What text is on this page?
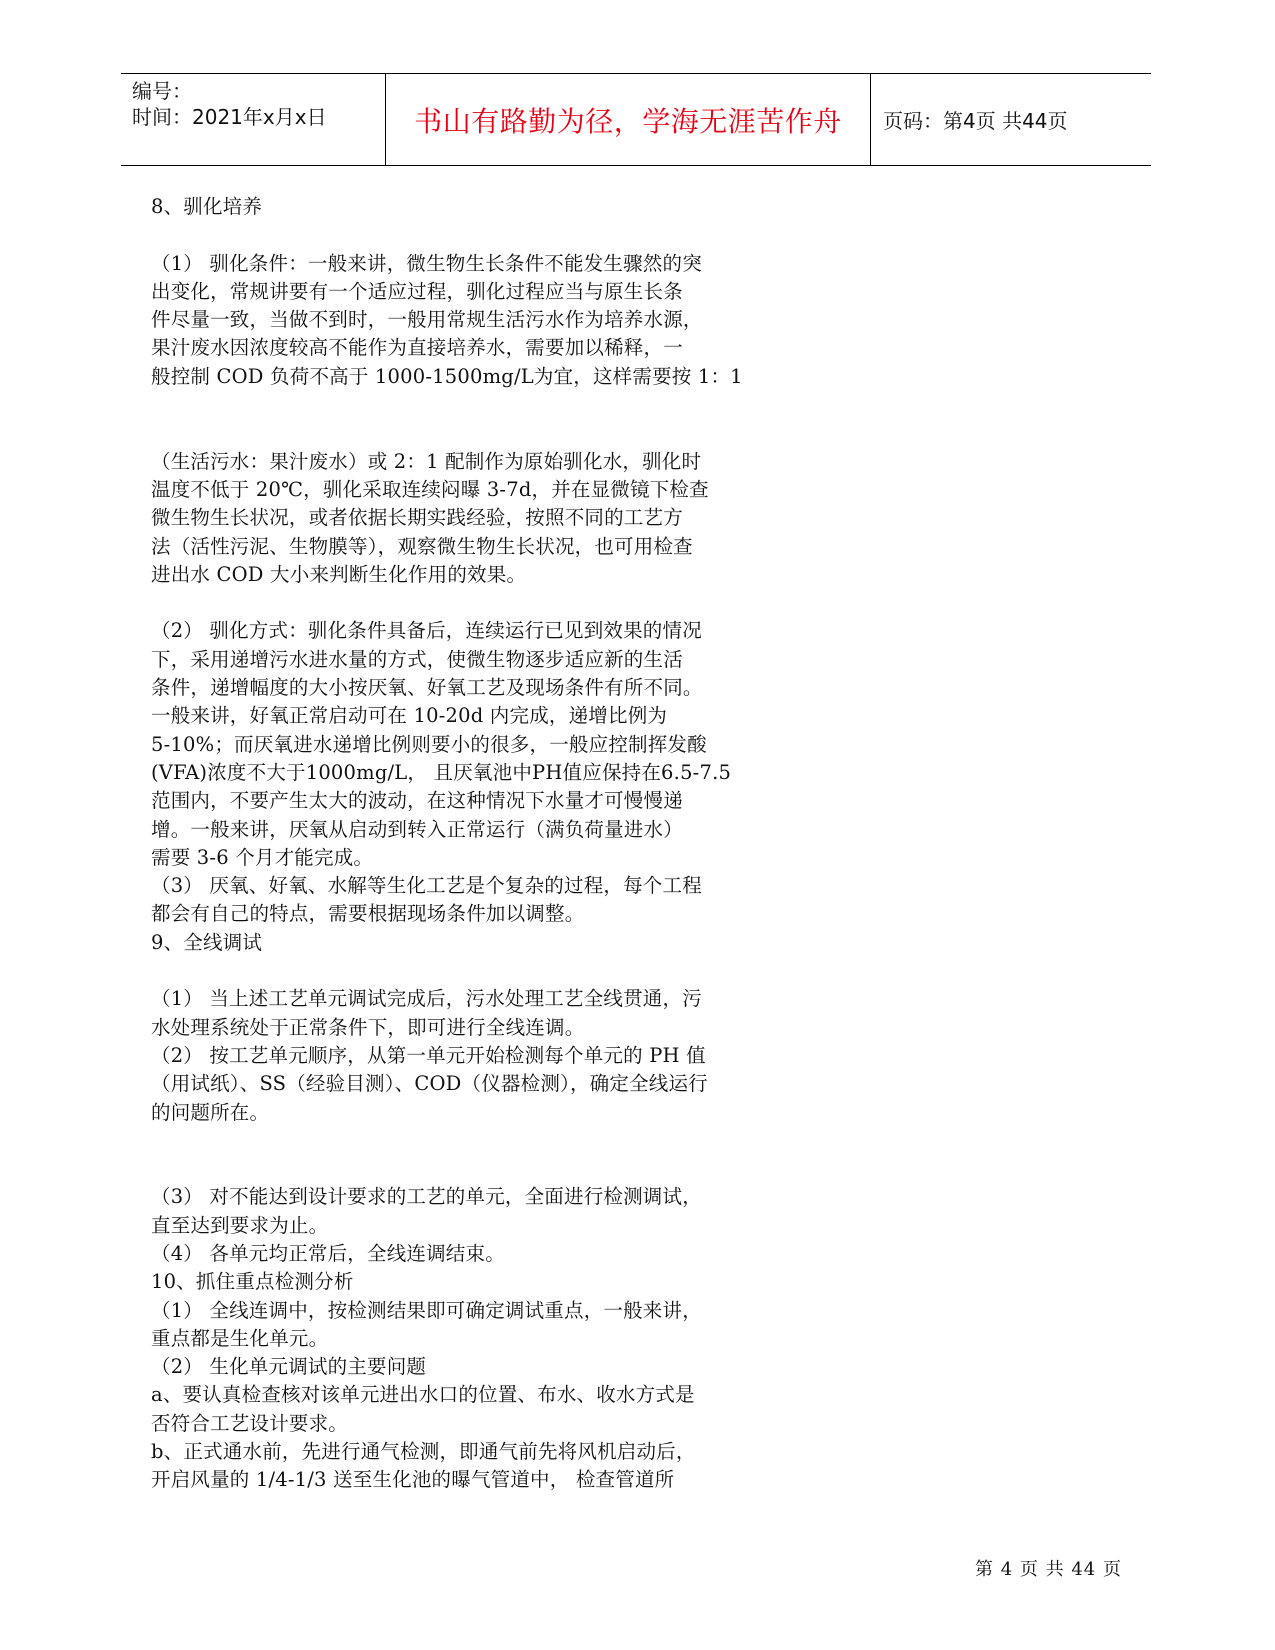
编号：
时间：2021年x月x日	书山有路勤为径，学海无涯苦作舟 页码：第4页 共44页
8、驯化培养
（1） 驯化条件：一般来讲，微生物生长条件不能发生骤然的突
出变化，常规讲要有一个适应过程，驯化过程应当与原生长条
件尽量一致，当做不到时，一般用常规生活污水作为培养水源，
果汁废水因浓度较高不能作为直接培养水，需要加以稀释，一
般控制 COD 负荷不高于 1000-1500mg/L为宜，这样需要按 1：1
（生活污水：果汁废水）或 2：1 配制作为原始驯化水，驯化时
温度不低于 20℃，驯化采取连续闷曝 3-7d，并在显微镜下检查
微生物生长状况，或者依据长期实践经验，按照不同的工艺方
法（活性污泥、生物膜等），观察微生物生长状况，也可用检查
进出水 COD 大小来判断生化作用的效果。
（2） 驯化方式：驯化条件具备后，连续运行已见到效果的情况
下，采用递增污水进水量的方式，使微生物逐步适应新的生活
条件，递增幅度的大小按厌氧、好氧工艺及现场条件有所不同。
一般来讲，好氧正常启动可在 10-20d 内完成，递增比例为
5-10%；而厌氧进水递增比例则要小的很多，一般应控制挥发酸
(VFA)浓度不大于1000mg/L， 且厌氧池中PH值应保持在6.5-7.5
范围内，不要产生太大的波动，在这种情况下水量才可慢慢递
增。一般来讲，厌氧从启动到转入正常运行（满负荷量进水）
需要 3-6 个月才能完成。
（3） 厌氧、好氧、水解等生化工艺是个复杂的过程，每个工程
都会有自己的特点，需要根据现场条件加以调整。
9、全线调试
（1） 当上述工艺单元调试完成后，污水处理工艺全线贯通，污
水处理系统处于正常条件下，即可进行全线连调。
（2） 按工艺单元顺序，从第一单元开始检测每个单元的 PH 值
（用试纸）、SS（经验目测）、COD（仪器检测），确定全线运行
的问题所在。
（3） 对不能达到设计要求的工艺的单元，全面进行检测调试，
直至达到要求为止。
（4） 各单元均正常后，全线连调结束。
10、抓住重点检测分析
（1） 全线连调中，按检测结果即可确定调试重点，一般来讲，
重点都是生化单元。
（2） 生化单元调试的主要问题
a、要认真检查核对该单元进出水口的位置、布水、收水方式是
否符合工艺设计要求。
b、正式通水前，先进行通气检测，即通气前先将风机启动后，
开启风量的 1/4-1/3 送至生化池的曝气管道中， 检查管道所
第 4 页 共 44 页
